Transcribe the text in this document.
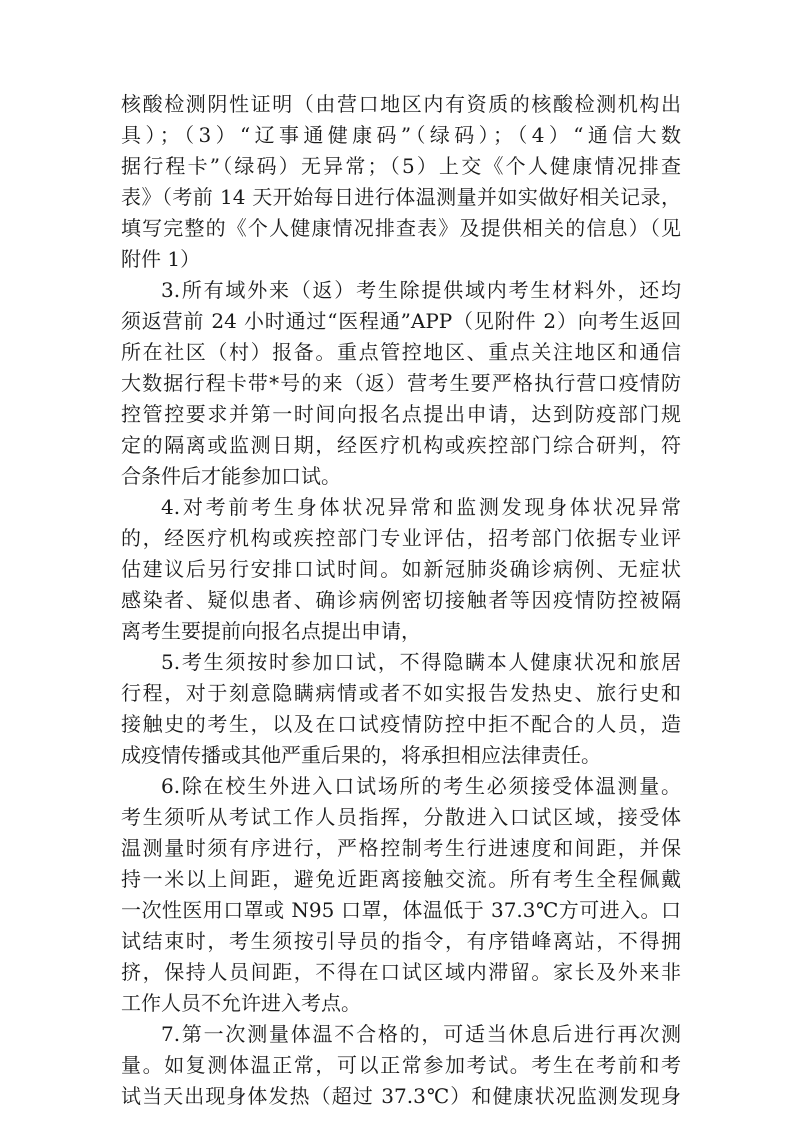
核酸检测阴性证明（由营口地区内有资质的核酸检测机构出
具）；（3）“辽事通健康码”（绿码）；（4）“通信大数
据行程卡”（绿码）无异常；（5）上交《个人健康情况排查
表》（考前 14 天开始每日进行体温测量并如实做好相关记录，
填写完整的《个人健康情况排查表》及提供相关的信息）（见
附件 1）
3.所有域外来（返）考生除提供域内考生材料外，还均
须返营前 24 小时通过“医程通”APP（见附件 2）向考生返回
所在社区（村）报备。重点管控地区、重点关注地区和通信
大数据行程卡带*号的来（返）营考生要严格执行营口疫情防
控管控要求并第一时间向报名点提出申请，达到防疫部门规
定的隔离或监测日期，经医疗机构或疾控部门综合研判，符
合条件后才能参加口试。
4.对考前考生身体状况异常和监测发现身体状况异常
的，经医疗机构或疾控部门专业评估，招考部门依据专业评
估建议后另行安排口试时间。如新冠肺炎确诊病例、无症状
感染者、疑似患者、确诊病例密切接触者等因疫情防控被隔
离考生要提前向报名点提出申请，
5.考生须按时参加口试，不得隐瞒本人健康状况和旅居
行程，对于刻意隐瞒病情或者不如实报告发热史、旅行史和
接触史的考生，以及在口试疫情防控中拒不配合的人员，造
成疫情传播或其他严重后果的，将承担相应法律责任。
6.除在校生外进入口试场所的考生必须接受体温测量。
考生须听从考试工作人员指挥，分散进入口试区域，接受体
温测量时须有序进行，严格控制考生行进速度和间距，并保
持一米以上间距，避免近距离接触交流。所有考生全程佩戴
一次性医用口罩或 N95 口罩，体温低于 37.3℃方可进入。口
试结束时，考生须按引导员的指令，有序错峰离站，不得拥
挤，保持人员间距，不得在口试区域内滞留。家长及外来非
工作人员不允许进入考点。
7.第一次测量体温不合格的，可适当休息后进行再次测
量。如复测体温正常，可以正常参加考试。考生在考前和考
试当天出现身体发热（超过 37.3℃）和健康状况监测发现身
